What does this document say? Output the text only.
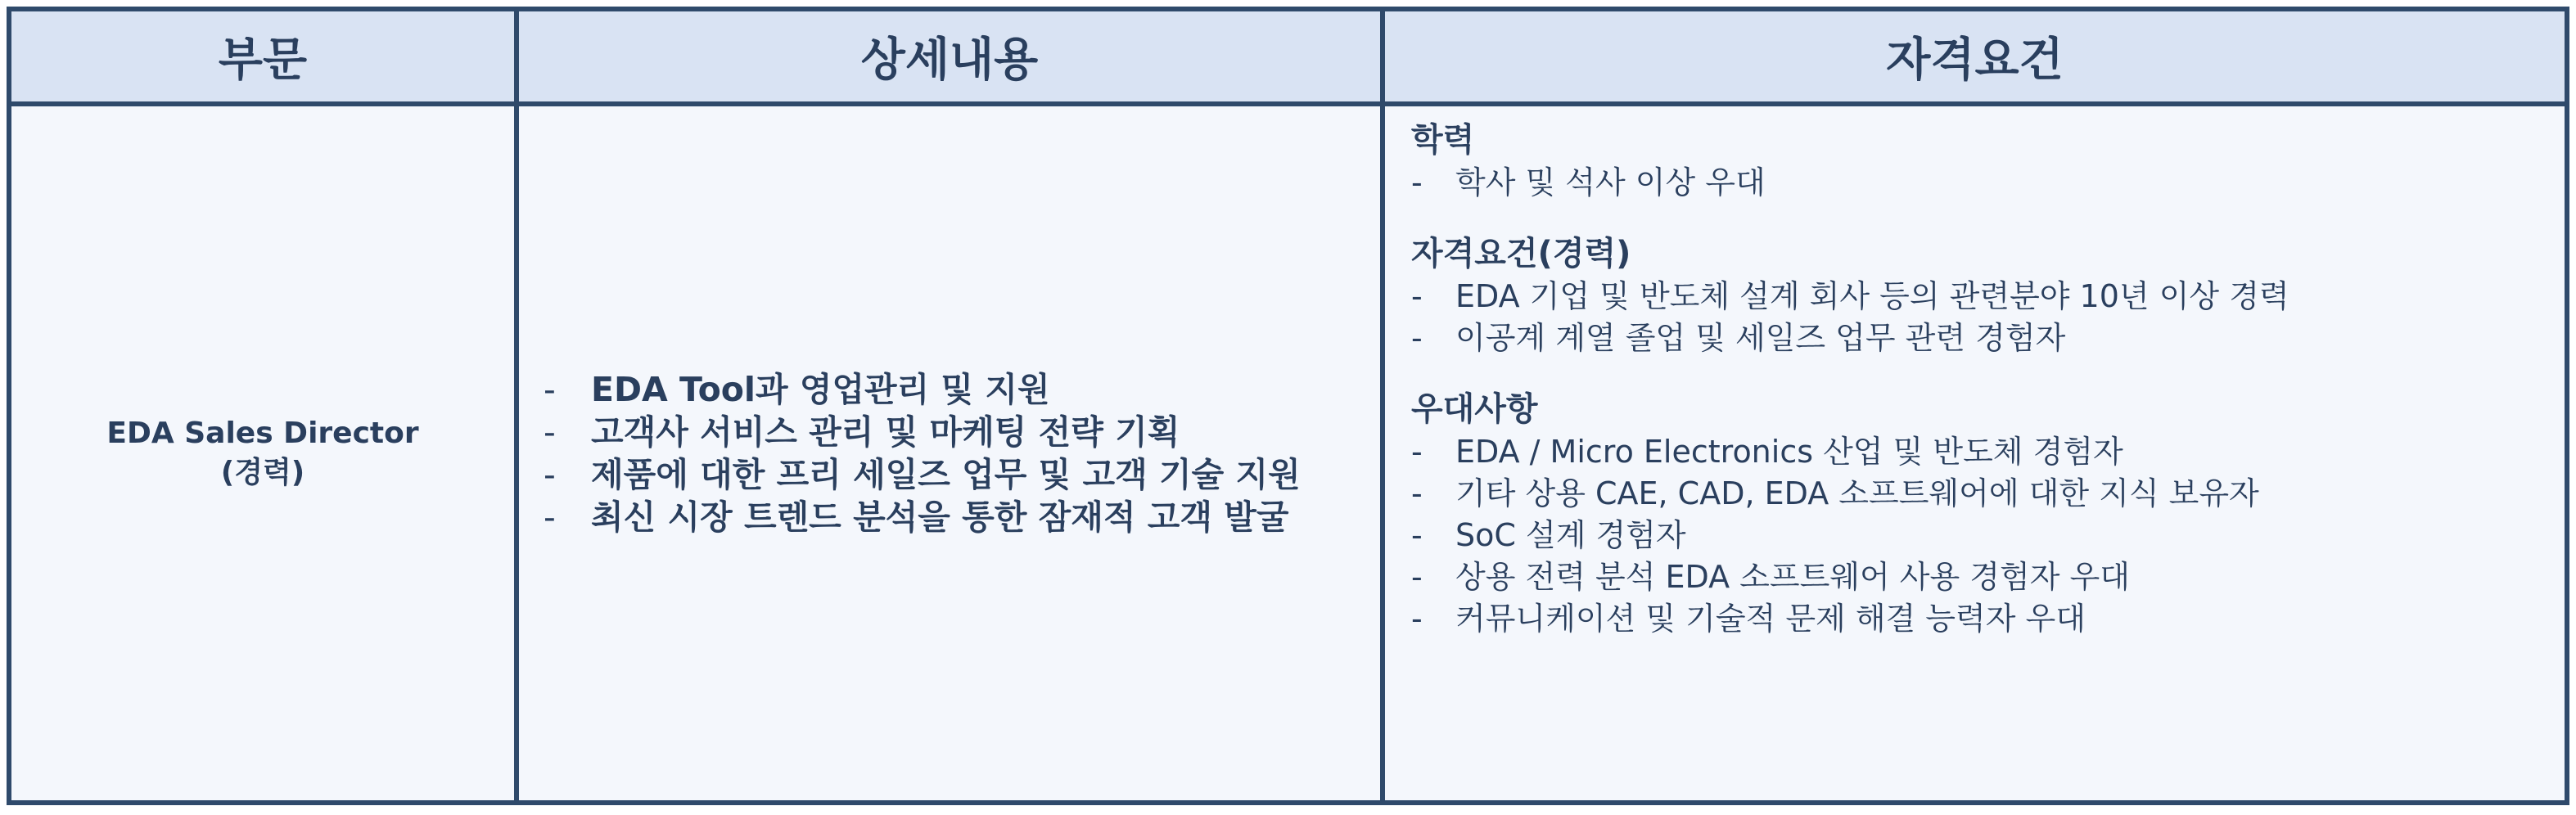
부문	상세내용	자격요건
EDA Sales Director
(경력)
- EDA Tool과 영업관리 및 지원
- 고객사 서비스 관리 및 마케팅 전략 기획
- 제품에 대한 프리 세일즈 업무 및 고객 기술 지원
- 최신 시장 트렌드 분석을 통한 잠재적 고객 발굴

학력

- 학사 및 석사 이상 우대

자격요건(경력)

- EDA 기업 및 반도체 설계 회사 등의 관련분야 10년 이상 경력
- 이공계 계열 졸업 및 세일즈 업무 관련 경험자

우대사항

- EDA / Micro Electronics 산업 및 반도체 경험자
- 기타 상용 CAE, CAD, EDA 소프트웨어에 대한 지식 보유자
- SoC 설계 경험자
- 상용 전력 분석 EDA 소프트웨어 사용 경험자 우대
- 커뮤니케이션 및 기술적 문제 해결 능력자 우대
